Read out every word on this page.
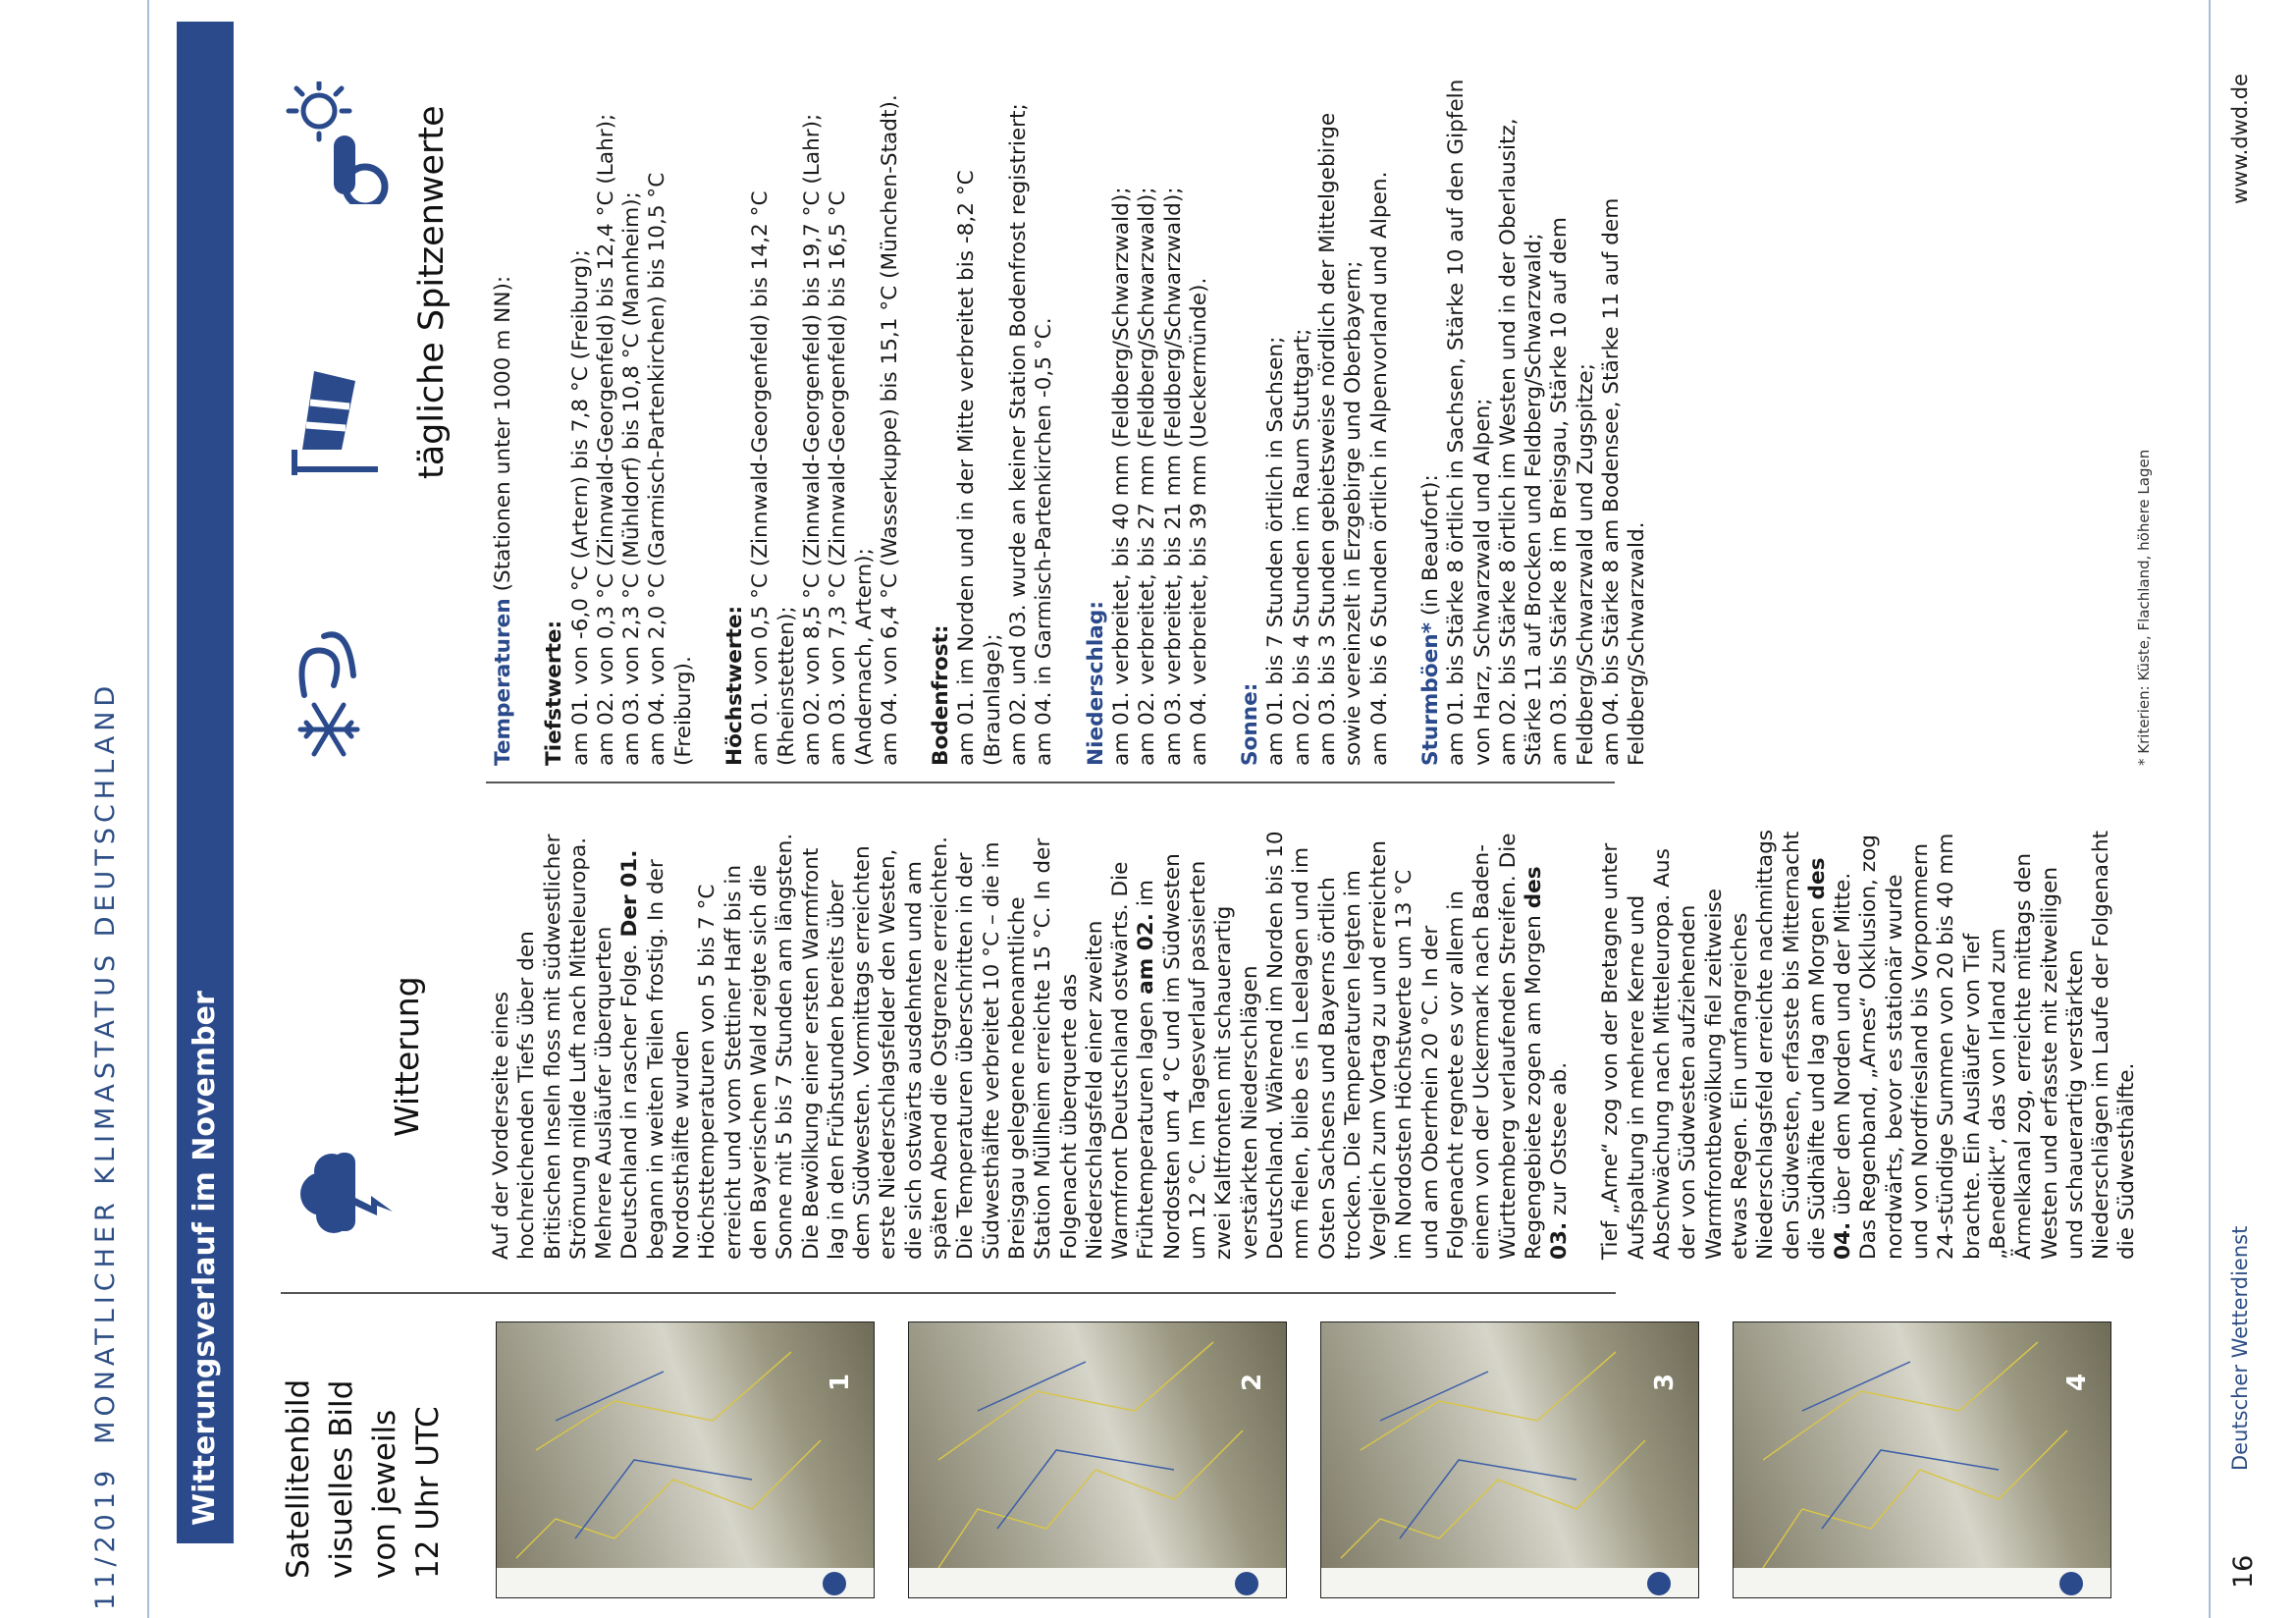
11/2019MONATLICHER KLIMASTATUS DEUTSCHLAND	Witterungsverlauf im November	Satellitenbild visuelles Bild von jeweils 12 Uhr UTC
Witterung
tägliche Spitzenwerte
1	2	3	4

Auf der Vorderseite eines hochreichenden Tiefs über den Britischen Inseln floss mit südwestlicher Strömung milde Luft nach Mitteleuropa. Mehrere Ausläufer überquerten Deutschland in rascher Folge. Der 01. begann in weiten Teilen frostig. In der Nordosthälfte wurden Höchsttemperaturen von 5 bis 7 °C erreicht und vom Stettiner Haff bis in den Bayerischen Wald zeigte sich die Sonne mit 5 bis 7 Stunden am längsten. Die Bewölkung einer ersten Warmfront lag in den Frühstunden bereits über dem Südwesten. Vormittags erreichten erste Niederschlagsfelder den Westen, die sich ostwärts ausdehnten und am späten Abend die Ostgrenze erreichten. Die Temperaturen überschritten in der Südwesthälfte verbreitet 10 °C – die im Breisgau gelegene nebenamtliche Station Müllheim erreichte 15 °C. In der Folgenacht überquerte das Niederschlagsfeld einer zweiten Warmfront Deutschland ostwärts. Die Frühtemperaturen lagen am 02. im Nordosten um 4 °C und im Südwesten um 12 °C. Im Tagesverlauf passierten zwei Kaltfronten mit schauerartig verstärkten Niederschlägen Deutschland. Während im Norden bis 10 mm fielen, blieb es in Leelagen und im Osten Sachsens und Bayerns örtlich trocken. Die Temperaturen legten im Vergleich zum Vortag zu und erreichten im Nordosten Höchstwerte um 13 °C und am Oberrhein 20 °C. In der Folgenacht regnete es vor allem in einem von der Uckermark nach Baden-Württemberg verlaufenden Streifen. Die Regengebiete zogen am Morgen des 03. zur Ostsee ab. Tief „Arne“ zog von der Bretagne unter Aufspaltung in mehrere Kerne und Abschwächung nach Mitteleuropa. Aus der von Südwesten aufziehenden Warmfrontbewölkung fiel zeitweise etwas Regen. Ein umfangreiches Niederschlagsfeld erreichte nachmittags den Südwesten, erfasste bis Mitternacht die Südhälfte und lag am Morgen des 04. über dem Norden und der Mitte. Das Regenband, „Arnes“ Okklusion, zog nordwärts, bevor es stationär wurde und von Nordfriesland bis Vorpommern 24-stündige Summen von 20 bis 40 mm brachte. Ein Ausläufer von Tief „Benedikt“, das von Irland zum Ärmelkanal zog, erreichte mittags den Westen und erfasste mit zeitweiligen und schauerartig verstärkten Niederschlägen im Laufe der Folgenacht die Südwesthälfte.

Temperaturen (Stationen unter 1000 m NN):
Tiefstwerte: am 01. von -6,0 °C (Artern) bis 7,8 °C (Freiburg); am 02. von 0,3 °C (Zinnwald-Georgenfeld) bis 12,4 °C (Lahr); am 03. von 2,3 °C (Mühldorf) bis 10,8 °C (Mannheim); am 04. von 2,0 °C (Garmisch-Partenkirchen) bis 10,5 °C (Freiburg). Höchstwerte: am 01. von 0,5 °C (Zinnwald-Georgenfeld) bis 14,2 °C (Rheinstetten); am 02. von 8,5 °C (Zinnwald-Georgenfeld) bis 19,7 °C (Lahr); am 03. von 7,3 °C (Zinnwald-Georgenfeld) bis 16,5 °C (Andernach, Artern); am 04. von 6,4 °C (Wasserkuppe) bis 15,1 °C (München-Stadt). Bodenfrost: am 01. im Norden und in der Mitte verbreitet bis -8,2 °C (Braunlage); am 02. und 03. wurde an keiner Station Bodenfrost registriert; am 04. in Garmisch-Partenkirchen -0,5 °C. Niederschlag: am 01. verbreitet, bis 40 mm (Feldberg/Schwarzwald); am 02. verbreitet, bis 27 mm (Feldberg/Schwarzwald); am 03. verbreitet, bis 21 mm (Feldberg/Schwarzwald); am 04. verbreitet, bis 39 mm (Ueckermünde). Sonne: am 01. bis 7 Stunden örtlich in Sachsen; am 02. bis 4 Stunden im Raum Stuttgart; am 03. bis 3 Stunden gebietsweise nördlich der Mittelgebirge sowie vereinzelt in Erzgebirge und Oberbayern; am 04. bis 6 Stunden örtlich in Alpenvorland und Alpen. Sturmböen* (in Beaufort): am 01. bis Stärke 8 örtlich in Sachsen, Stärke 10 auf den Gipfeln von Harz, Schwarzwald und Alpen; am 02. bis Stärke 8 örtlich im Westen und in der Oberlausitz, Stärke 11 auf Brocken und Feldberg/Schwarzwald; am 03. bis Stärke 8 im Breisgau, Stärke 10 auf dem Feldberg/Schwarzwald und Zugspitze; am 04. bis Stärke 8 am Bodensee, Stärke 11 auf dem Feldberg/Schwarzwald.	* Kriterien: Küste, Flachland, höhere Lagen
16
Deutscher Wetterdienst
www.dwd.de
